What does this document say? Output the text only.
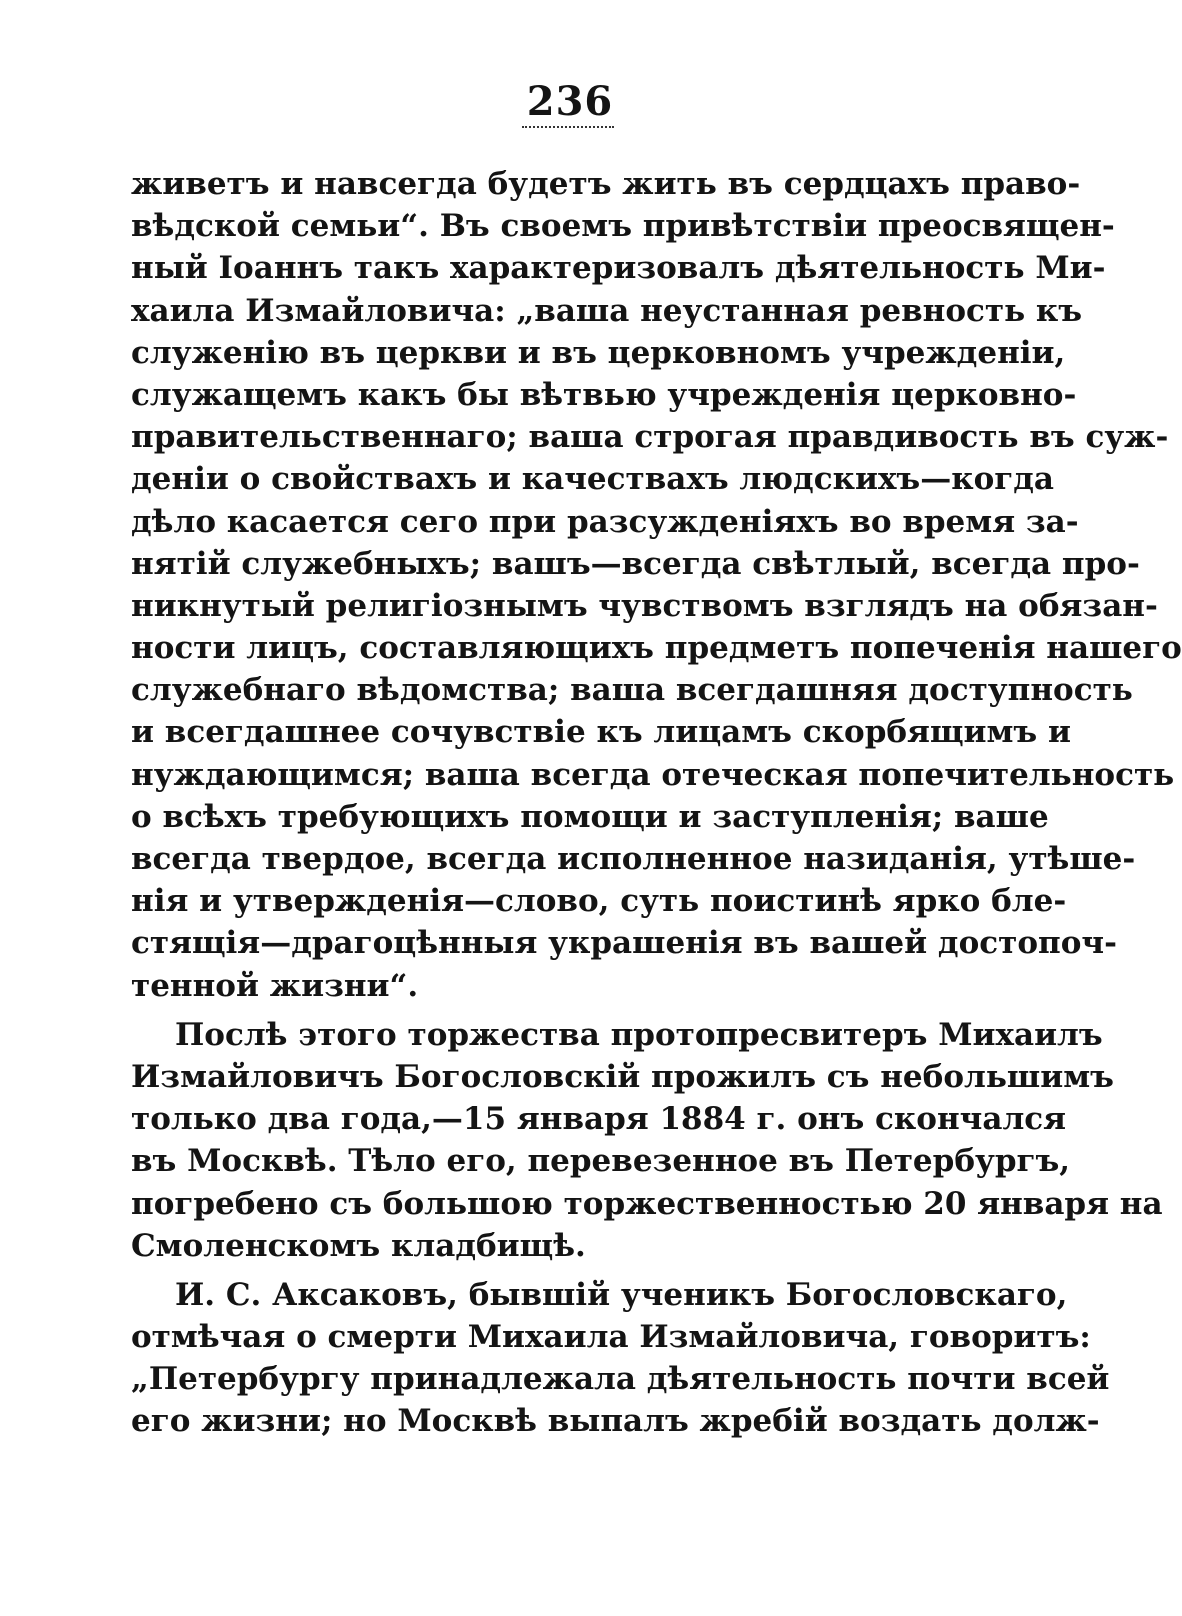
236
живетъ и навсегда будетъ жить въ сердцахъ право-
вѣдской семьи“. Въ своемъ привѣтствіи преосвящен-
ный Іоаннъ такъ характеризовалъ дѣятельность Ми-
хаила Измайловича: „ваша неустанная ревность къ
служенію въ церкви и въ церковномъ учрежденіи,
служащемъ какъ бы вѣтвью учрежденія церковно-
правительственнаго; ваша строгая правдивость въ суж-
деніи о свойствахъ и качествахъ людскихъ—когда
дѣло касается сего при разсужденіяхъ во время за-
нятій служебныхъ; вашъ—всегда свѣтлый, всегда про-
никнутый религіознымъ чувствомъ взглядъ на обязан-
ности лицъ, составляющихъ предметъ попеченія нашего
служебнаго вѣдомства; ваша всегдашняя доступность
и всегдашнее сочувствіе къ лицамъ скорбящимъ и
нуждающимся; ваша всегда отеческая попечительность
о всѣхъ требующихъ помощи и заступленія; ваше
всегда твердое, всегда исполненное назиданія, утѣше-
нія и утвержденія—слово, суть поистинѣ ярко бле-
стящія—драгоцѣнныя украшенія въ вашей достопоч-
тенной жизни“.
Послѣ этого торжества протопресвитеръ Михаилъ
Измайловичъ Богословскій прожилъ съ небольшимъ
только два года,—15 января 1884 г. онъ скончался
въ Москвѣ. Тѣло его, перевезенное въ Петербургъ,
погребено съ большою торжественностью 20 января на
Смоленскомъ кладбищѣ.
И. С. Аксаковъ, бывшій ученикъ Богословскаго,
отмѣчая о смерти Михаила Измайловича, говоритъ:
„Петербургу принадлежала дѣятельность почти всей
его жизни; но Москвѣ выпалъ жребій воздать долж-
